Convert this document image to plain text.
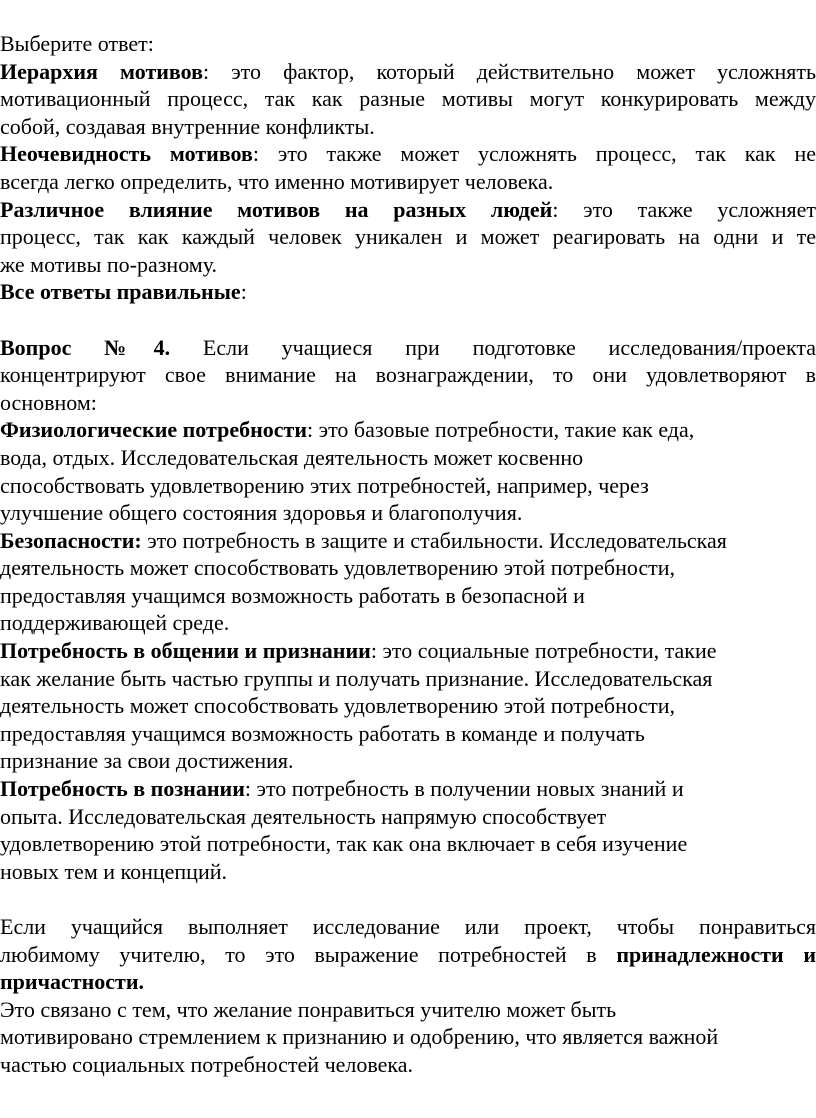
Выберите ответ:
Иерархия мотивов: это фактор, который действительно может усложнять
мотивационный процесс, так как разные мотивы могут конкурировать между
собой, создавая внутренние конфликты.
Неочевидность мотивов: это также может усложнять процесс, так как не
всегда легко определить, что именно мотивирует человека.
Различное влияние мотивов на разных людей: это также усложняет
процесс, так как каждый человек уникален и может реагировать на одни и те
же мотивы по-разному.
Все ответы правильные:
Вопрос №4. Если учащиеся при подготовке исследования/проекта
концентрируют свое внимание на вознаграждении, то они удовлетворяют в
основном:
Физиологические потребности: это базовые потребности, такие как еда,
вода, отдых. Исследовательская деятельность может косвенно
способствовать удовлетворению этих потребностей, например, через
улучшение общего состояния здоровья и благополучия.
Безопасности: это потребность в защите и стабильности. Исследовательская
деятельность может способствовать удовлетворению этой потребности,
предоставляя учащимся возможность работать в безопасной и
поддерживающей среде.
Потребность в общении и признании: это социальные потребности, такие
как желание быть частью группы и получать признание. Исследовательская
деятельность может способствовать удовлетворению этой потребности,
предоставляя учащимся возможность работать в команде и получать
признание за свои достижения.
Потребность в познании: это потребность в получении новых знаний и
опыта. Исследовательская деятельность напрямую способствует
удовлетворению этой потребности, так как она включает в себя изучение
новых тем и концепций.
Если учащийся выполняет исследование или проект, чтобы понравиться
любимому учителю, то это выражение потребностей в принадлежности и
причастности.
Это связано с тем, что желание понравиться учителю может быть
мотивировано стремлением к признанию и одобрению, что является важной
частью социальных потребностей человека.
